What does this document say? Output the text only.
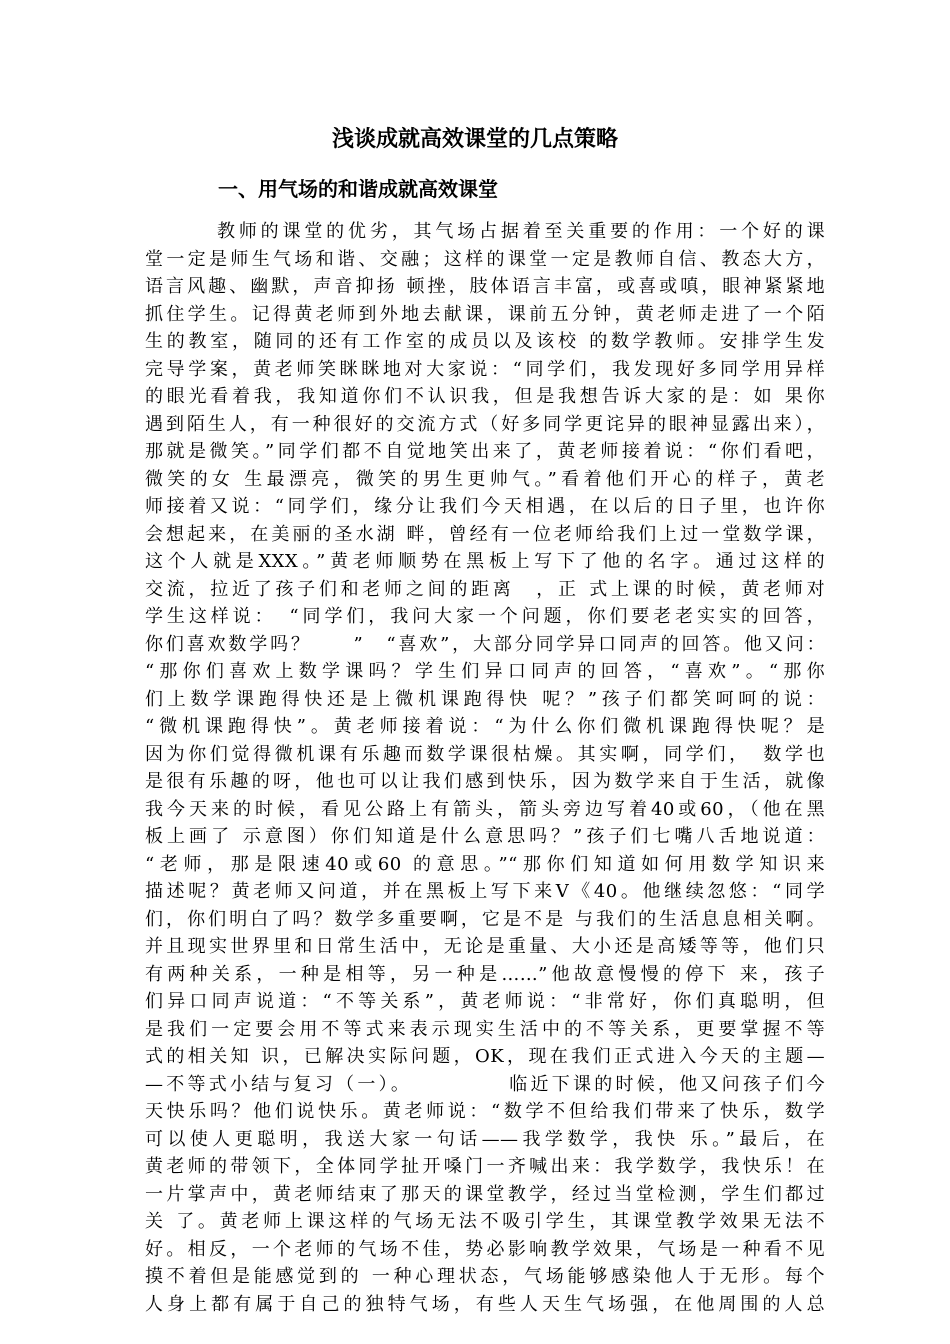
浅谈成就高效课堂的几点策略
一、用气场的和谐成就高效课堂
教师的课堂的优劣，其气场占据着至关重要的作用：一个好的课
堂一定是师生气场和谐、交融；这样的课堂一定是教师自信、教态大方，
语言风趣、幽默，声音抑扬 顿挫，肢体语言丰富，或喜或嗔，眼神紧紧地
抓住学生。记得黄老师到外地去献课，课前五分钟，黄老师走进了一个陌
生的教室，随同的还有工作室的成员以及该校 的数学教师。安排学生发
完导学案，黄老师笑眯眯地对大家说：“同学们，我发现好多同学用异样
的眼光看着我，我知道你们不认识我，但是我想告诉大家的是：如 果你
遇到陌生人，有一种很好的交流方式（好多同学更诧异的眼神显露出来），
那就是微笑。”同学们都不自觉地笑出来了，黄老师接着说：“你们看吧，
微笑的女 生最漂亮，微笑的男生更帅气。”看着他们开心的样子，黄老
师接着又说：“同学们，缘分让我们今天相遇，在以后的日子里，也许你
会想起来，在美丽的圣水湖 畔，曾经有一位老师给我们上过一堂数学课，
这个人就是XXX。”黄老师顺势在黑板上写下了他的名字。通过这样的
交流，拉近了孩子们和老师之间的距离　，正 式上课的时候，黄老师对
学生这样说：　“同学们，我问大家一个问题，你们要老老实实的回答，
你们喜欢数学吗？　　”　“喜欢”，大部分同学异口同声的回答。他又问：
“那你们喜欢上数学课吗？学生们异口同声的回答，“喜欢”。“那你
们上数学课跑得快还是上微机课跑得快 呢？”孩子们都笑呵呵的说：
“微机课跑得快”。黄老师接着说：“为什么你们微机课跑得快呢？是
因为你们觉得微机课有乐趣而数学课很枯燥。其实啊，同学们，　数学也
是很有乐趣的呀，他也可以让我们感到快乐，因为数学来自于生活，就像
我今天来的时候，看见公路上有箭头，箭头旁边写着40或60，（他在黑
板上画了 示意图）你们知道是什么意思吗？”孩子们七嘴八舌地说道：
“老师，那是限速40或60 的意思。”“那你们知道如何用数学知识来
描述呢？黄老师又问道，并在黑板上写下来V《40。他继续忽悠：“同学
们，你们明白了吗？数学多重要啊，它是不是 与我们的生活息息相关啊。
并且现实世界里和日常生活中，无论是重量、大小还是高矮等等，他们只
有两种关系，一种是相等，另一种是……”他故意慢慢的停下 来，孩子
们异口同声说道：“不等关系”，黄老师说：“非常好，你们真聪明，但
是我们一定要会用不等式来表示现实生活中的不等关系，更要掌握不等
式的相关知 识，已解决实际问题，OK，现在我们正式进入今天的主题—
—不等式小结与复习（一）。　　　　　临近下课的时候，他又问孩子们今
天快乐吗？他们说快乐。黄老师说：“数学不但给我们带来了快乐，数学
可以使人更聪明，我送大家一句话——我学数学，我快 乐。”最后，在
黄老师的带领下，全体同学扯开嗓门一齐喊出来：我学数学，我快乐！在
一片掌声中，黄老师结束了那天的课堂教学，经过当堂检测，学生们都过
关 了。黄老师上课这样的气场无法不吸引学生，其课堂教学效果无法不
好。相反，一个老师的气场不佳，势必影响教学效果，气场是一种看不见
摸不着但是能感觉到的 一种心理状态，气场能够感染他人于无形。每个
人身上都有属于自己的独特气场，有些人天生气场强，在他周围的人总
